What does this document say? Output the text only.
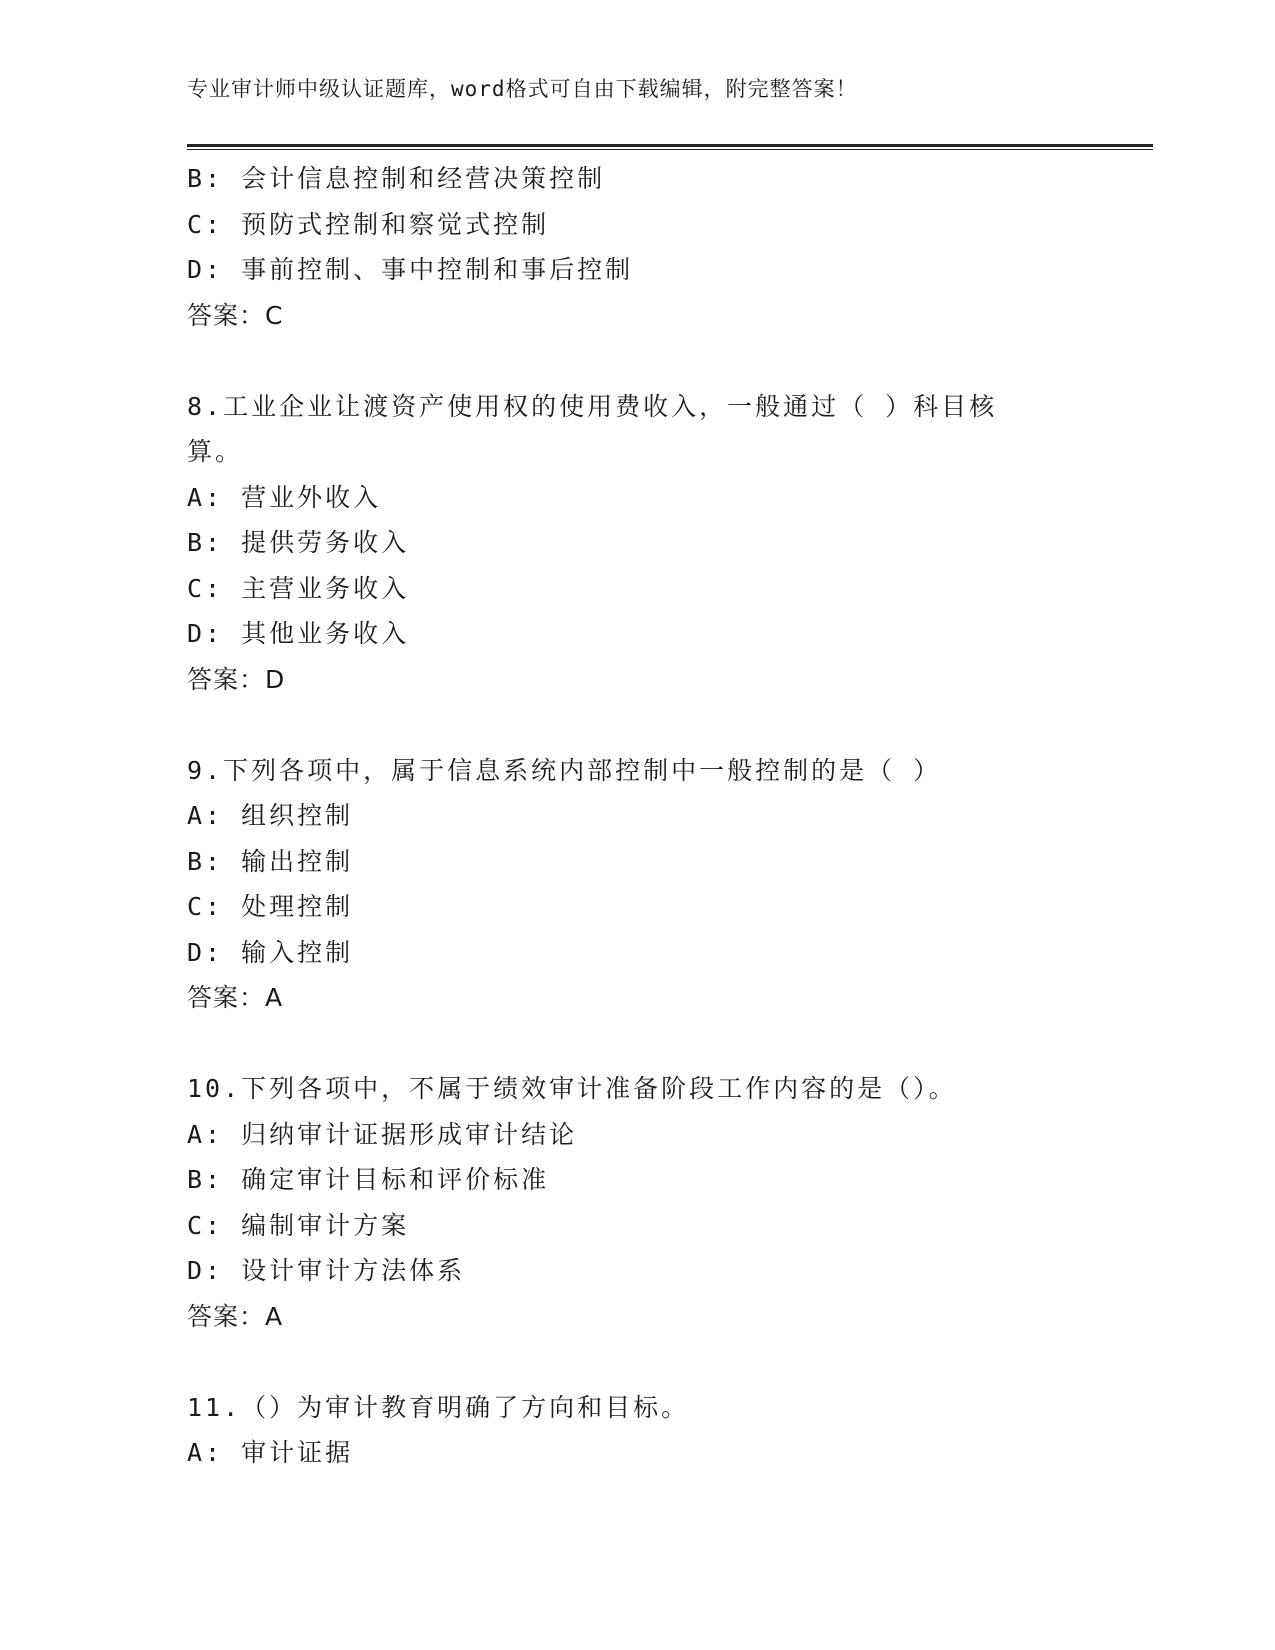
专业审计师中级认证题库，word格式可自由下载编辑，附完整答案！
B: 会计信息控制和经营决策控制
C: 预防式控制和察觉式控制
D: 事前控制、事中控制和事后控制
答案：C
8.工业企业让渡资产使用权的使用费收入，一般通过（ ）科目核
算。
A: 营业外收入
B: 提供劳务收入
C: 主营业务收入
D: 其他业务收入
答案：D
9.下列各项中，属于信息系统内部控制中一般控制的是（ ）
A: 组织控制
B: 输出控制
C: 处理控制
D: 输入控制
答案：A
10.下列各项中，不属于绩效审计准备阶段工作内容的是（）。
A: 归纳审计证据形成审计结论
B: 确定审计目标和评价标准
C: 编制审计方案
D: 设计审计方法体系
答案：A
11.（）为审计教育明确了方向和目标。
A: 审计证据
